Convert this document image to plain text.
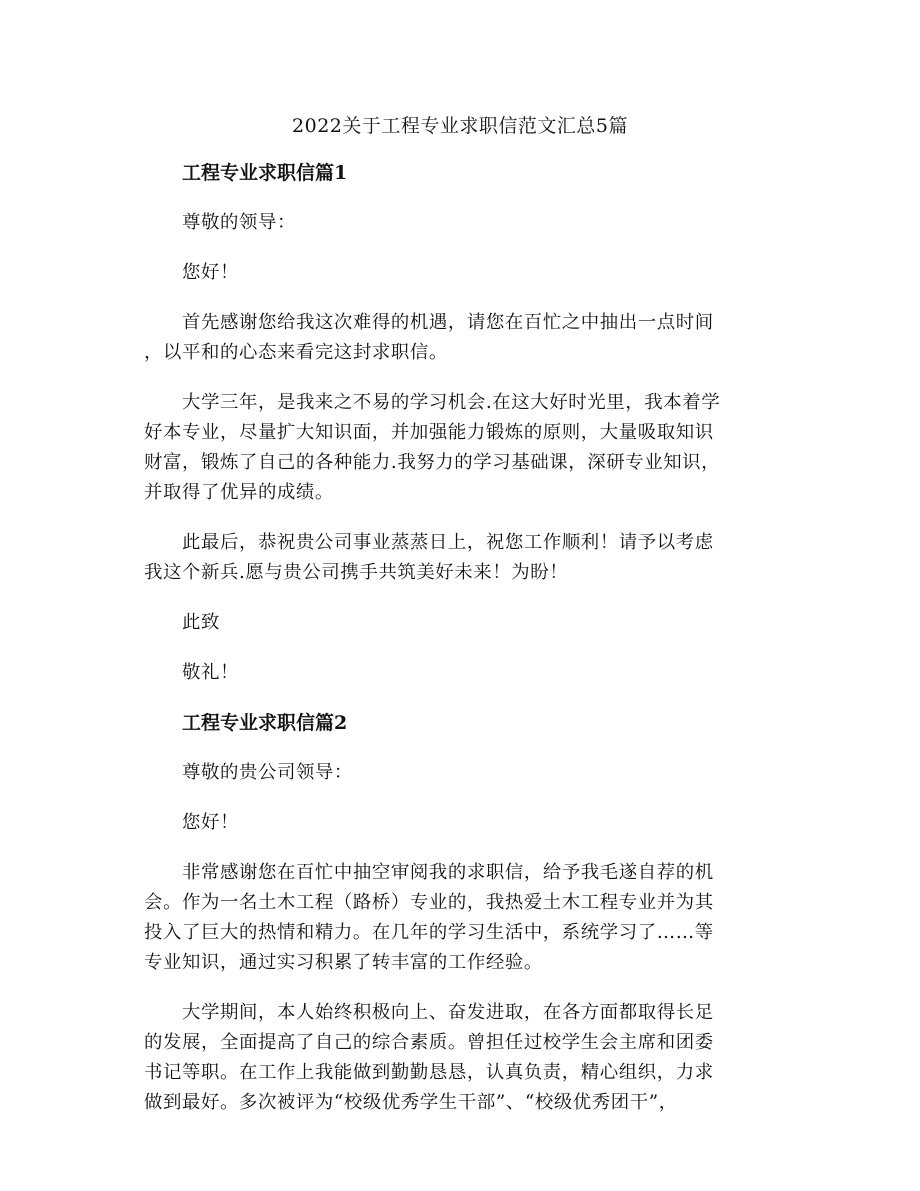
2022关于工程专业求职信范文汇总5篇
工程专业求职信篇1
尊敬的领导：
您好！
首先感谢您给我这次难得的机遇，请您在百忙之中抽出一点时间
，以平和的心态来看完这封求职信。
大学三年，是我来之不易的学习机会.在这大好时光里，我本着学
好本专业，尽量扩大知识面，并加强能力锻炼的原则，大量吸取知识
财富，锻炼了自己的各种能力.我努力的学习基础课，深研专业知识，
并取得了优异的成绩。
此最后，恭祝贵公司事业蒸蒸日上，祝您工作顺利！请予以考虑
我这个新兵.愿与贵公司携手共筑美好未来！为盼！
此致
敬礼！
工程专业求职信篇2
尊敬的贵公司领导：
您好！
非常感谢您在百忙中抽空审阅我的求职信，给予我毛遂自荐的机
会。作为一名土木工程（路桥）专业的，我热爱土木工程专业并为其
投入了巨大的热情和精力。在几年的学习生活中，系统学习了……等
专业知识，通过实习积累了转丰富的工作经验。
大学期间，本人始终积极向上、奋发进取，在各方面都取得长足
的发展，全面提高了自己的综合素质。曾担任过校学生会主席和团委
书记等职。在工作上我能做到勤勤恳恳，认真负责，精心组织，力求
做到最好。多次被评为“校级优秀学生干部”、“校级优秀团干”，
